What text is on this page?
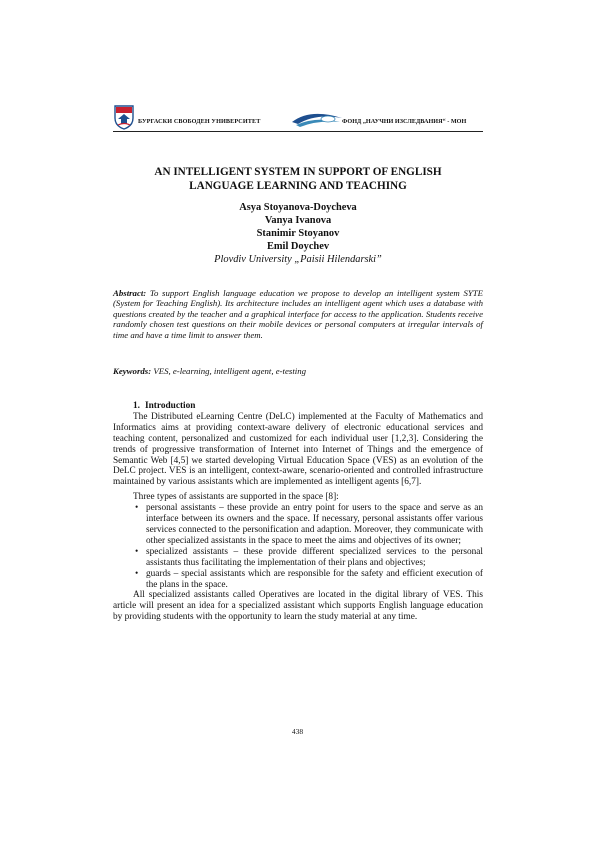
БУРГАСКИ СВОБОДЕН УНИВЕРСИТЕТ	ФОНД „НАУЧНИ ИЗСЛЕДВАНИЯ“ - МОН
AN INTELLIGENT SYSTEM IN SUPPORT OF ENGLISH
LANGUAGE LEARNING AND TEACHING
Asya Stoyanova-Doycheva
Vanya Ivanova
Stanimir Stoyanov
Emil Doychev
Plovdiv University „Paisii Hilendarski”
Abstract: To support English language education we propose to develop an intelligent system SYTE (System for Teaching English). Its architecture includes an intelligent agent which uses a database with questions created by the teacher and a graphical interface for access to the application. Students receive randomly chosen test questions on their mobile devices or personal computers at irregular intervals of time and have a time limit to answer them.
Keywords: VES, e-learning, intelligent agent, e-testing
1. Introduction

The Distributed eLearning Centre (DeLC) implemented at the Faculty of Mathematics and Informatics aims at providing context-aware delivery of electronic educational services and teaching content, personalized and customized for each individual user [1,2,3]. Considering the trends of progressive transformation of Internet into Internet of Things and the emergence of Semantic Web [4,5] we started developing Virtual Education Space (VES) as an evolution of the DeLC project. VES is an intelligent, context-aware, scenario-oriented and controlled infrastructure maintained by various assistants which are implemented as intelligent agents [6,7].

Three types of assistants are supported in the space [8]:

• personal assistants – these provide an entry point for users to the space and serve as an interface between its owners and the space. If necessary, personal assistants offer various services connected to the personification and adaption. Moreover, they communicate with other specialized assistants in the space to meet the aims and objectives of its owner;
• specialized assistants – these provide different specialized services to the personal assistants thus facilitating the implementation of their plans and objectives;
• guards – special assistants which are responsible for the safety and efficient execution of the plans in the space.

All specialized assistants called Operatives are located in the digital library of VES. This article will present an idea for a specialized assistant which supports English language education by providing students with the opportunity to learn the study material at any time.

438
